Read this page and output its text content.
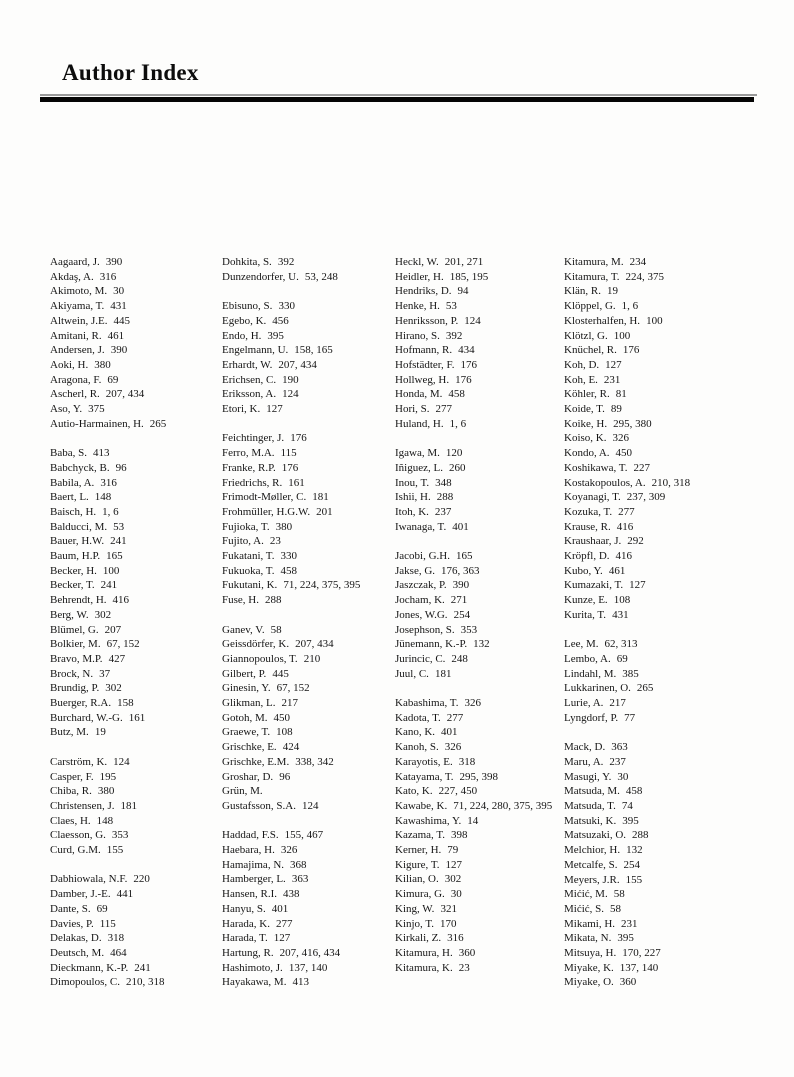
Author Index
Aagaard, J. 390
Akdaş, A. 316
Akimoto, M. 30
Akiyama, T. 431
Altwein, J.E. 445
Amitani, R. 461
Andersen, J. 390
Aoki, H. 380
Aragona, F. 69
Ascherl, R. 207, 434
Aso, Y. 375
Autio-Harmainen, H. 265
Baba, S. 413
Babchyck, B. 96
Babila, A. 316
Baert, L. 148
Baisch, H. 1, 6
Balducci, M. 53
Bauer, H.W. 241
Baum, H.P. 165
Becker, H. 100
Becker, T. 241
Behrendt, H. 416
Berg, W. 302
Blümel, G. 207
Bolkier, M. 67, 152
Bravo, M.P. 427
Brock, N. 37
Brundig, P. 302
Buerger, R.A. 158
Burchard, W.-G. 161
Butz, M. 19
Carström, K. 124
Casper, F. 195
Chiba, R. 380
Christensen, J. 181
Claes, H. 148
Claesson, G. 353
Curd, G.M. 155
Dabhiowala, N.F. 220
Damber, J.-E. 441
Dante, S. 69
Davies, P. 115
Delakas, D. 318
Deutsch, M. 464
Dieckmann, K.-P. 241
Dimopoulos, C. 210, 318
Dohkita, S. 392
Dunzendorfer, U. 53, 248
Ebisuno, S. 330
Egebo, K. 456
Endo, H. 395
Engelmann, U. 158, 165
Erhardt, W. 207, 434
Erichsen, C. 190
Eriksson, A. 124
Etori, K. 127
Feichtinger, J. 176
Ferro, M.A. 115
Franke, R.P. 176
Friedrichs, R. 161
Frimodt-Møller, C. 181
Frohmüller, H.G.W. 201
Fujioka, T. 380
Fujito, A. 23
Fukatani, T. 330
Fukuoka, T. 458
Fukutani, K. 71, 224, 375, 395
Fuse, H. 288
Ganev, V. 58
Geissdörfer, K. 207, 434
Giannopoulos, T. 210
Gilbert, P. 445
Ginesin, Y. 67, 152
Glikman, L. 217
Gotoh, M. 450
Graewe, T. 108
Grischke, E. 424
Grischke, E.M. 338, 342
Groshar, D. 96
Grün, M.
Gustafsson, S.A. 124
Haddad, F.S. 155, 467
Haebara, H. 326
Hamajima, N. 368
Hamberger, L. 363
Hansen, R.I. 438
Hanyu, S. 401
Harada, K. 277
Harada, T. 127
Hartung, R. 207, 416, 434
Hashimoto, J. 137, 140
Hayakawa, M. 413
Heckl, W. 201, 271
Heidler, H. 185, 195
Hendriks, D. 94
Henke, H. 53
Henriksson, P. 124
Hirano, S. 392
Hofmann, R. 434
Hofstädter, F. 176
Hollweg, H. 176
Honda, M. 458
Hori, S. 277
Huland, H. 1, 6
Igawa, M. 120
Iñiguez, L. 260
Inou, T. 348
Ishii, H. 288
Itoh, K. 237
Iwanaga, T. 401
Jacobi, G.H. 165
Jakse, G. 176, 363
Jaszczak, P. 390
Jocham, K. 271
Jones, W.G. 254
Josephson, S. 353
Jünemann, K.-P. 132
Jurincic, C. 248
Juul, C. 181
Kabashima, T. 326
Kadota, T. 277
Kano, K. 401
Kanoh, S. 326
Karayotis, E. 318
Katayama, T. 295, 398
Kato, K. 227, 450
Kawabe, K. 71, 224, 280, 375, 395
Kawashima, Y. 14
Kazama, T. 398
Kerner, H. 79
Kigure, T. 127
Kilian, O. 302
Kimura, G. 30
King, W. 321
Kinjo, T. 170
Kirkali, Z. 316
Kitamura, H. 360
Kitamura, K. 23
Kitamura, M. 234
Kitamura, T. 224, 375
Klän, R. 19
Klöppel, G. 1, 6
Klosterhalfen, H. 100
Klötzl, G. 100
Knüchel, R. 176
Koh, D. 127
Koh, E. 231
Köhler, R. 81
Koide, T. 89
Koike, H. 295, 380
Koiso, K. 326
Kondo, A. 450
Koshikawa, T. 227
Kostakopoulos, A. 210, 318
Koyanagi, T. 237, 309
Kozuka, T. 277
Krause, R. 416
Kraushaar, J. 292
Kröpfl, D. 416
Kubo, Y. 461
Kumazaki, T. 127
Kunze, E. 108
Kurita, T. 431
Lee, M. 62, 313
Lembo, A. 69
Lindahl, M. 385
Lukkarinen, O. 265
Lurie, A. 217
Lyngdorf, P. 77
Mack, D. 363
Maru, A. 237
Masugi, Y. 30
Matsuda, M. 458
Matsuda, T. 74
Matsuki, K. 395
Matsuzaki, O. 288
Melchior, H. 132
Metcalfe, S. 254
Meyers, J.R. 155
Mićić, M. 58
Mićić, S. 58
Mikami, H. 231
Mikata, N. 395
Mitsuya, H. 170, 227
Miyake, K. 137, 140
Miyake, O. 360
